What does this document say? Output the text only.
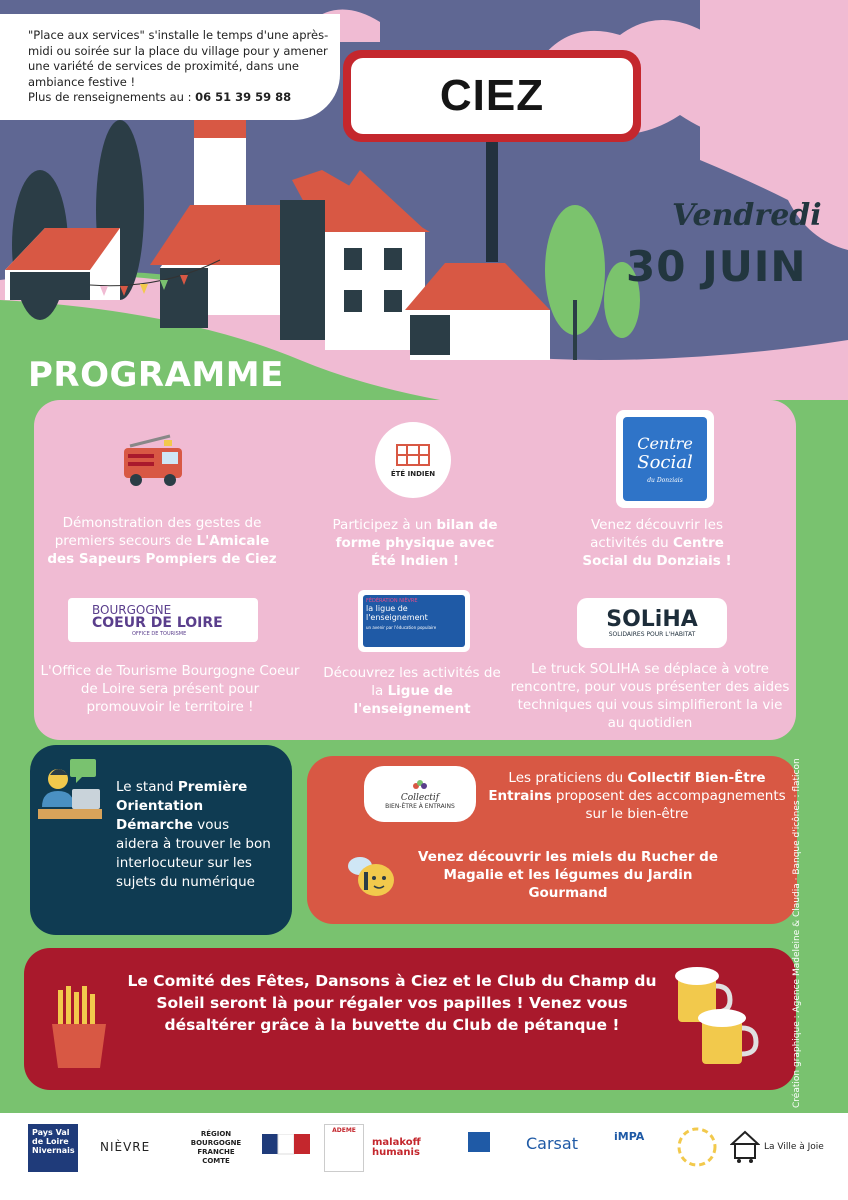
"Place aux services" s'installe le temps d'une après-midi ou soirée sur la place du village pour y amener une variété de services de proximité, dans une ambiance festive !
Plus de renseignements au : 06 51 39 59 88	CIEZ
Vendredi
30 JUIN
PROGRAMME
ÉTÉ INDIEN
Centre
Social
du Donziais
Démonstration des gestes de premiers secours de L'Amicale des Sapeurs Pompiers de Ciez
Participez à un bilan de forme physique avec Été Indien !
Venez découvrir les activités du Centre Social du Donziais !
BOURGOGNE
COEUR DE LOIRE
OFFICE DE TOURISME
FÉDÉRATION NIÈVRE
la ligue de
l'enseignement
un avenir par l'éducation populaire	SOLiHA
SOLIDAIRES POUR L'HABITAT
L'Office de Tourisme Bourgogne Coeur de Loire sera présent pour promouvoir le territoire !
Découvrez les activités de la Ligue de l'enseignement
Le truck SOLIHA se déplace à votre rencontre, pour vous présenter des aides techniques qui vous simplifieront la vie au quotidien
Le stand Première Orientation Démarche vous aidera à trouver le bon interlocuteur sur les sujets du numérique
Collectif
BIEN-ÊTRE À ENTRAINS
Les praticiens du Collectif Bien-Être Entrains proposent des accompagnements sur le bien-être
Venez découvrir les miels du Rucher de Magalie et les légumes du Jardin Gourmand
Le Comité des Fêtes, Dansons à Ciez et le Club du Champ du Soleil seront là pour régaler vos papilles ! Venez vous désaltérer grâce à la buvette du Club de pétanque !	Création graphique : Agence Madeleine & Claudia · Banque d'icônes : flaticon
Pays Val de Loire Nivernais NIÈVRE
RÉGION BOURGOGNE FRANCHE COMTE
ADEME
malakoff humanis	Carsat	iMPA
La Ville à Joie
